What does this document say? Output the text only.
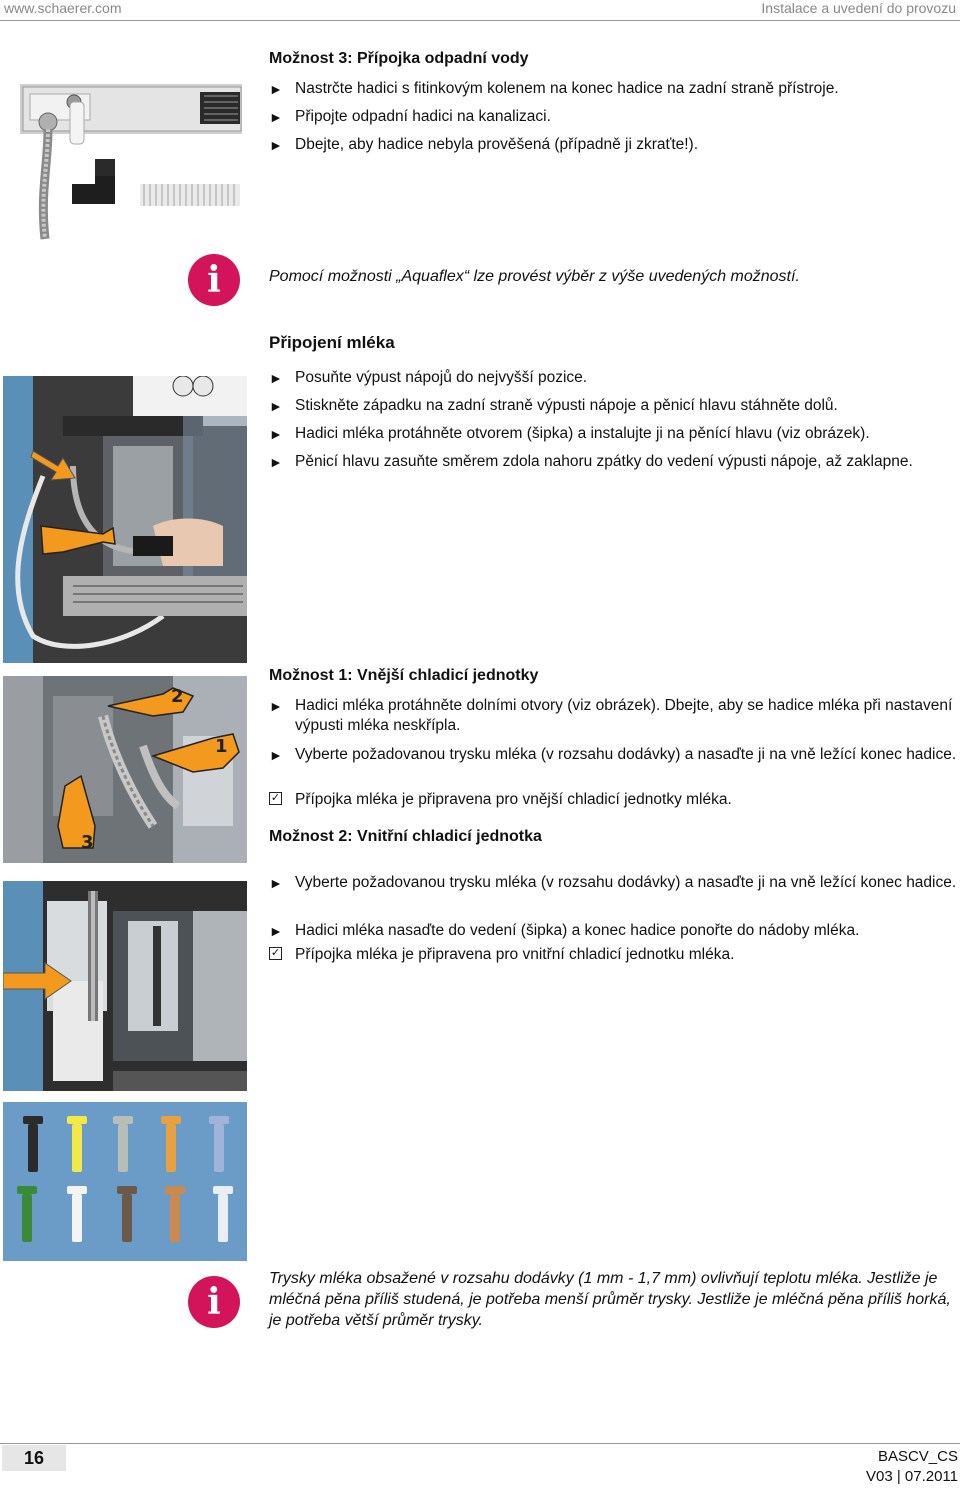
www.schaerer.com	Instalace a uvedení do provozu
Možnost 3: Přípojka odpadní vody
► Nastrčte hadici s fitinkovým kolenem na konec hadice na zadní straně přístroje.
► Připojte odpadní hadici na kanalizaci.
► Dbejte, aby hadice nebyla prověšená (případně ji zkraťte!).
i	Pomocí možnosti „Aquaflex“ lze provést výběr z výše uvedených možností.
Připojení mléka
► Posuňte výpust nápojů do nejvyšší pozice.
► Stiskněte západku na zadní straně výpusti nápoje a pěnicí hlavu stáhněte dolů.
► Hadici mléka protáhněte otvorem (šipka) a instalujte ji na pěnící hlavu (viz obrázek).
► Pěnicí hlavu zasuňte směrem zdola nahoru zpátky do vedení výpusti nápoje, až zaklapne.
2
1
3
Možnost 1: Vnější chladicí jednotky
► Hadici mléka protáhněte dolními otvory (viz obrázek). Dbejte, aby se hadice mléka při nastavení výpusti mléka neskřípla.
► Vyberte požadovanou trysku mléka (v rozsahu dodávky) a nasaďte ji na vně ležící konec hadice.
✓ Přípojka mléka je připravena pro vnější chladicí jednotky mléka.
Možnost 2: Vnitřní chladicí jednotka
► Vyberte požadovanou trysku mléka (v rozsahu dodávky) a nasaďte ji na vně ležící konec hadice.
► Hadici mléka nasaďte do vedení (šipka) a konec hadice ponořte do nádoby mléka.
✓ Přípojka mléka je připravena pro vnitřní chladicí jednotku mléka.
i
Trysky mléka obsažené v rozsahu dodávky (1 mm - 1,7 mm) ovlivňují teplotu mléka. Jestliže je mléčná pěna příliš studená, je potřeba menší průměr trysky. Jestliže je mléčná pěna příliš horká, je potřeba větší průměr trysky.
16	BASCV_CS
V03 | 07.2011
